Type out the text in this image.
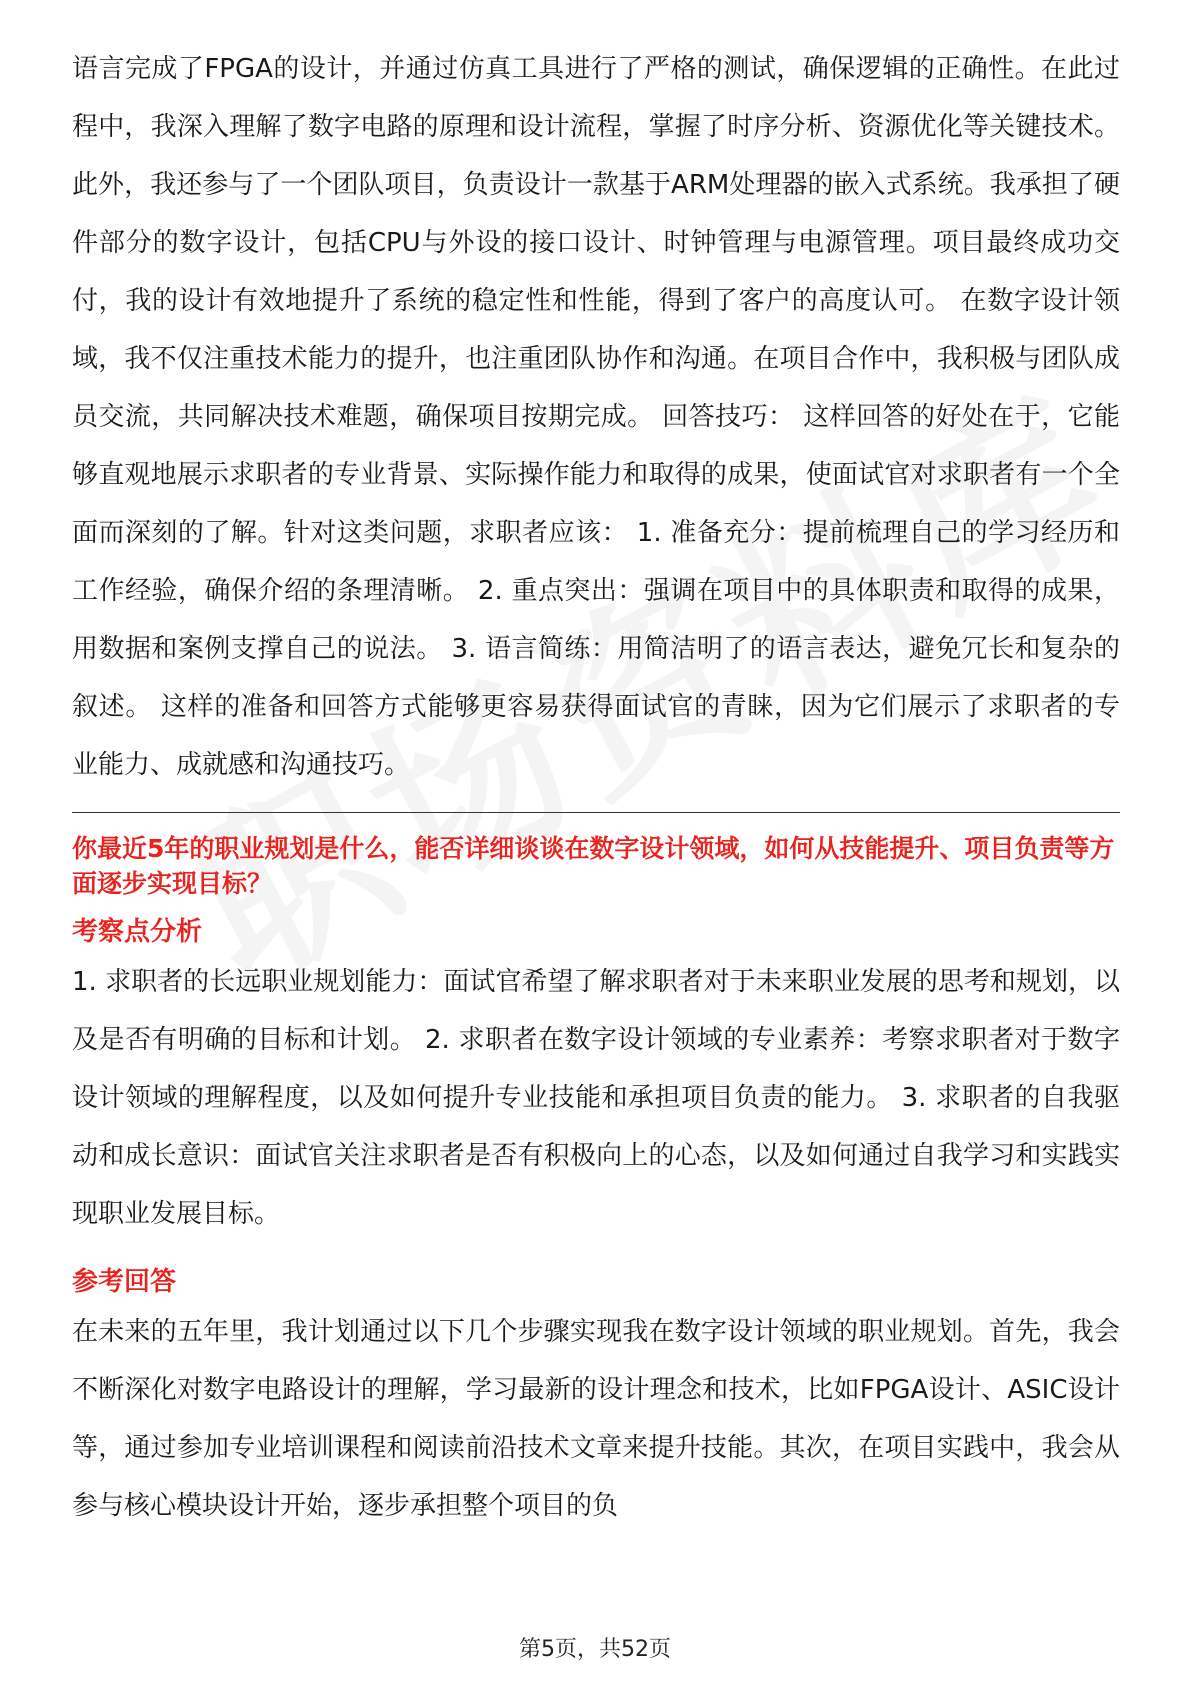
语言完成了FPGA的设计，并通过仿真工具进行了严格的测试，确保逻辑的正确性。在此过程中，我深入理解了数字电路的原理和设计流程，掌握了时序分析、资源优化等关键技术。 此外，我还参与了一个团队项目，负责设计一款基于ARM处理器的嵌入式系统。我承担了硬件部分的数字设计，包括CPU与外设的接口设计、时钟管理与电源管理。项目最终成功交付，我的设计有效地提升了系统的稳定性和性能，得到了客户的高度认可。 在数字设计领域，我不仅注重技术能力的提升，也注重团队协作和沟通。在项目合作中，我积极与团队成员交流，共同解决技术难题，确保项目按期完成。 回答技巧： 这样回答的好处在于，它能够直观地展示求职者的专业背景、实际操作能力和取得的成果，使面试官对求职者有一个全面而深刻的了解。针对这类问题，求职者应该： 1. 准备充分：提前梳理自己的学习经历和工作经验，确保介绍的条理清晰。 2. 重点突出：强调在项目中的具体职责和取得的成果，用数据和案例支撑自己的说法。 3. 语言简练：用简洁明了的语言表达，避免冗长和复杂的叙述。 这样的准备和回答方式能够更容易获得面试官的青睐，因为它们展示了求职者的专业能力、成就感和沟通技巧。

你最近5年的职业规划是什么，能否详细谈谈在数字设计领域，如何从技能提升、项目负责等方面逐步实现目标？

考察点分析

1. 求职者的长远职业规划能力：面试官希望了解求职者对于未来职业发展的思考和规划，以及是否有明确的目标和计划。 2. 求职者在数字设计领域的专业素养：考察求职者对于数字设计领域的理解程度，以及如何提升专业技能和承担项目负责的能力。 3. 求职者的自我驱动和成长意识：面试官关注求职者是否有积极向上的心态，以及如何通过自我学习和实践实现职业发展目标。

参考回答

在未来的五年里，我计划通过以下几个步骤实现我在数字设计领域的职业规划。首先，我会不断深化对数字电路设计的理解，学习最新的设计理念和技术，比如FPGA设计、ASIC设计等，通过参加专业培训课程和阅读前沿技术文章来提升技能。其次，在项目实践中，我会从参与核心模块设计开始，逐步承担整个项目的负

第5页，共52页
